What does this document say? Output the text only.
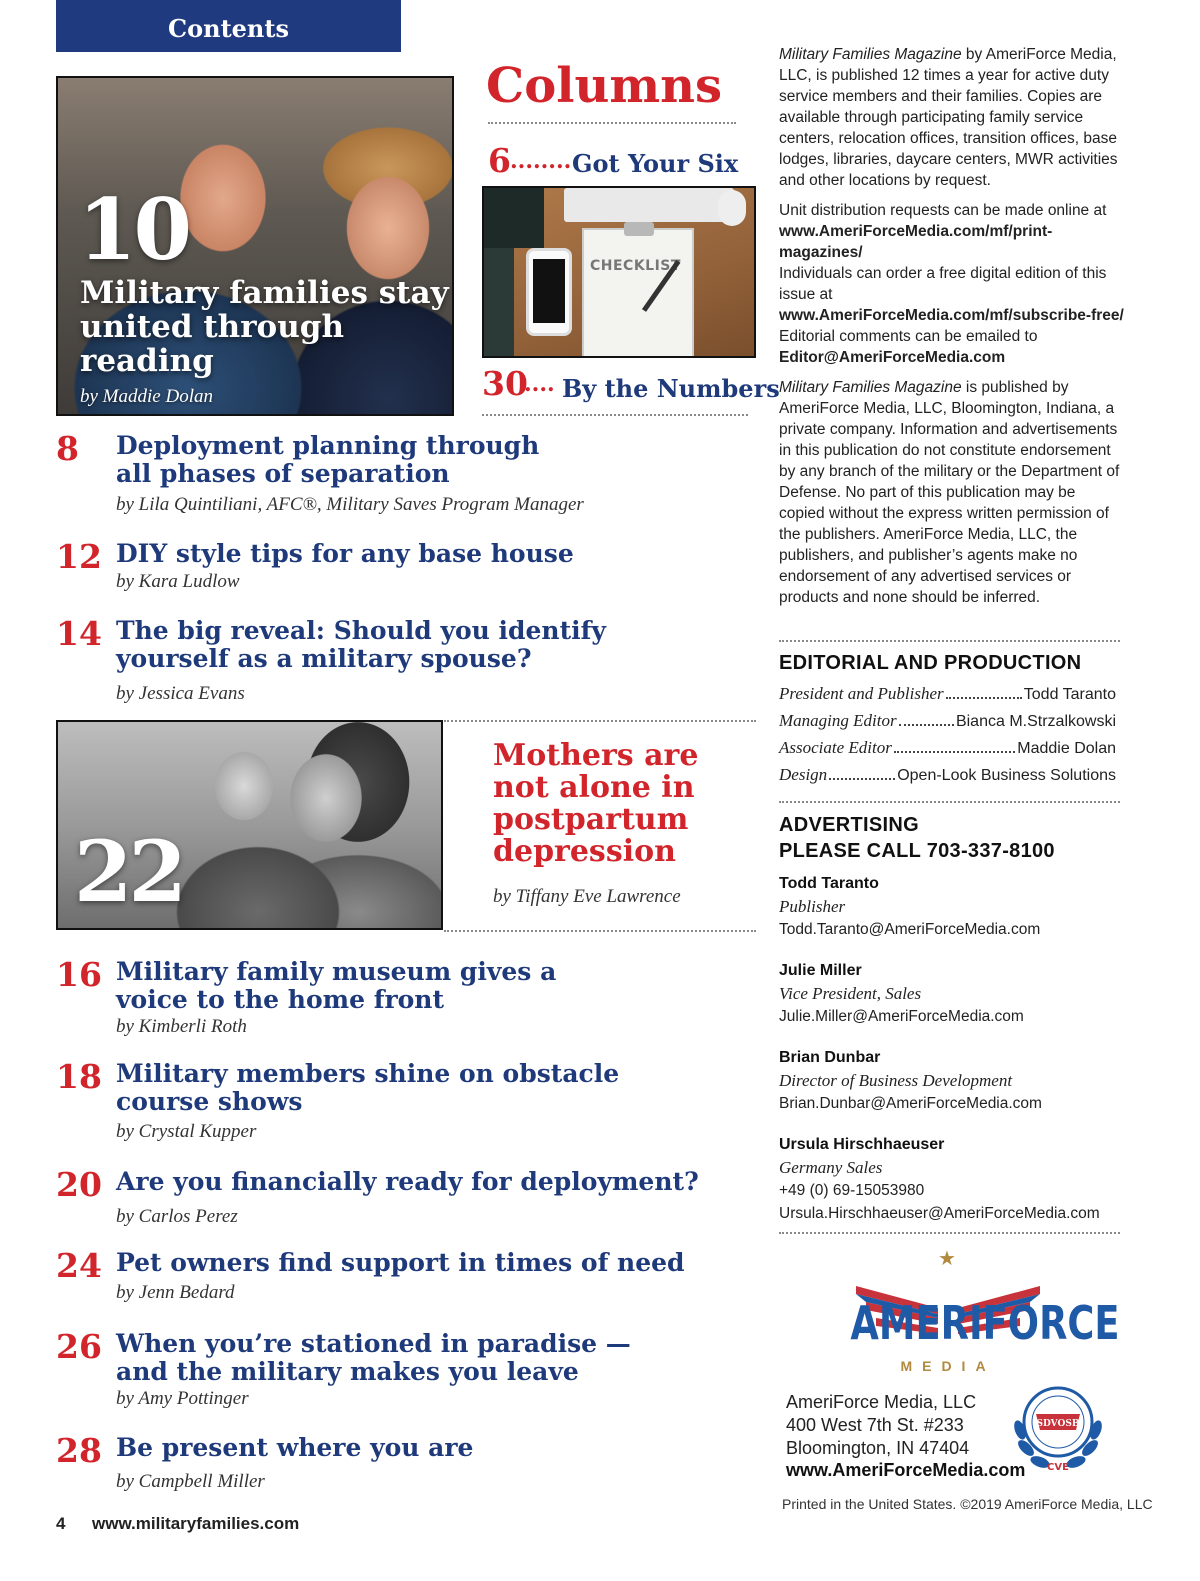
Contents
10
Military families stay united through reading
by Maddie Dolan
Columns
6 ........ Got Your Six
CHECKLIST
30
.... By the Numbers
8 Deployment planning through
all phases of separation
by Lila Quintiliani, AFC®, Military Saves Program Manager
12 DIY style tips for any base house
by Kara Ludlow
14 The big reveal: Should you identify
yourself as a military spouse?
by Jessica Evans
22
Mothers are
not alone in
postpartum
depression
by Tiffany Eve Lawrence
16 Military family museum gives a
voice to the home front
by Kimberli Roth
18 Military members shine on obstacle
course shows
by Crystal Kupper
20 Are you financially ready for deployment?
by Carlos Perez
24 Pet owners find support in times of need
by Jenn Bedard
26 When you’re stationed in paradise —
and the military makes you leave
by Amy Pottinger
28 Be present where you are
by Campbell Miller
4 www.militaryfamilies.com
Military Families Magazine by AmeriForce Media, LLC, is published 12 times a year for active duty service members and their families. Copies are available through participating family service centers, relocation offices, transition offices, base lodges, libraries, daycare centers, MWR activities and other locations by request.
Unit distribution requests can be made online at www.AmeriForceMedia.com/mf/print-magazines/
Individuals can order a free digital edition of this issue at www.AmeriForceMedia.com/mf/subscribe-free/
Editorial comments can be emailed to
Editor@AmeriForceMedia.com
Military Families Magazine is published by AmeriForce Media, LLC, Bloomington, Indiana, a private company. Information and advertisements in this publication do not constitute endorsement by any branch of the military or the Department of Defense. No part of this publication may be copied without the express written permission of the publishers. AmeriForce Media, LLC, the publishers, and publisher’s agents make no endorsement of any advertised services or products and none should be inferred.
EDITORIAL AND PRODUCTION
President and Publisher	Todd Taranto
Managing Editor	Bianca M.Strzalkowski
Associate Editor	Maddie Dolan
Design	Open-Look Business Solutions
ADVERTISING
PLEASE CALL 703-337-8100
Todd Taranto
Publisher
Todd.Taranto@AmeriForceMedia.com
Julie Miller
Vice President, Sales
Julie.Miller@AmeriForceMedia.com
Brian Dunbar
Director of Business Development
Brian.Dunbar@AmeriForceMedia.com
Ursula Hirschhaeuser
Germany Sales
+49 (0) 69-15053980
Ursula.Hirschhaeuser@AmeriForceMedia.com
★
AMERIFORCE
MEDIA
AmeriForce Media, LLC
400 West 7th St. #233
Bloomington, IN 47404
www.AmeriForceMedia.com
SDVOSB
CVE
Printed in the United States. ©2019 AmeriForce Media, LLC
